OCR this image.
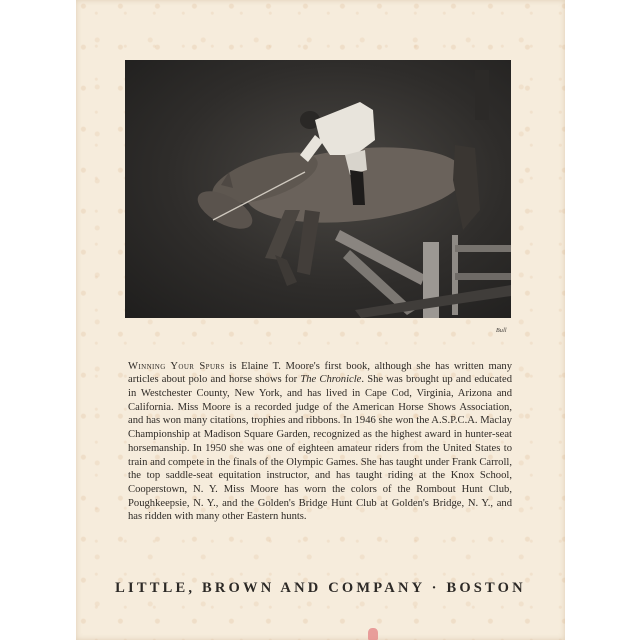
Bull

Winning Your Spurs is Elaine T. Moore's first book, although she has written many articles about polo and horse shows for The Chronicle. She was brought up and educated in Westchester County, New York, and has lived in Cape Cod, Virginia, Arizona and California. Miss Moore is a recorded judge of the American Horse Shows Association, and has won many citations, trophies and ribbons. In 1946 she won the A.S.P.C.A. Maclay Championship at Madison Square Garden, recognized as the highest award in hunter-seat horsemanship. In 1950 she was one of eighteen amateur riders from the United States to train and compete in the finals of the Olympic Games. She has taught under Frank Carroll, the top saddle-seat equitation instructor, and has taught riding at the Knox School, Cooperstown, N. Y. Miss Moore has worn the colors of the Rombout Hunt Club, Poughkeepsie, N. Y., and the Golden's Bridge Hunt Club at Golden's Bridge, N. Y., and has ridden with many other Eastern hunts.

LITTLE, BROWN AND COMPANY · BOSTON
